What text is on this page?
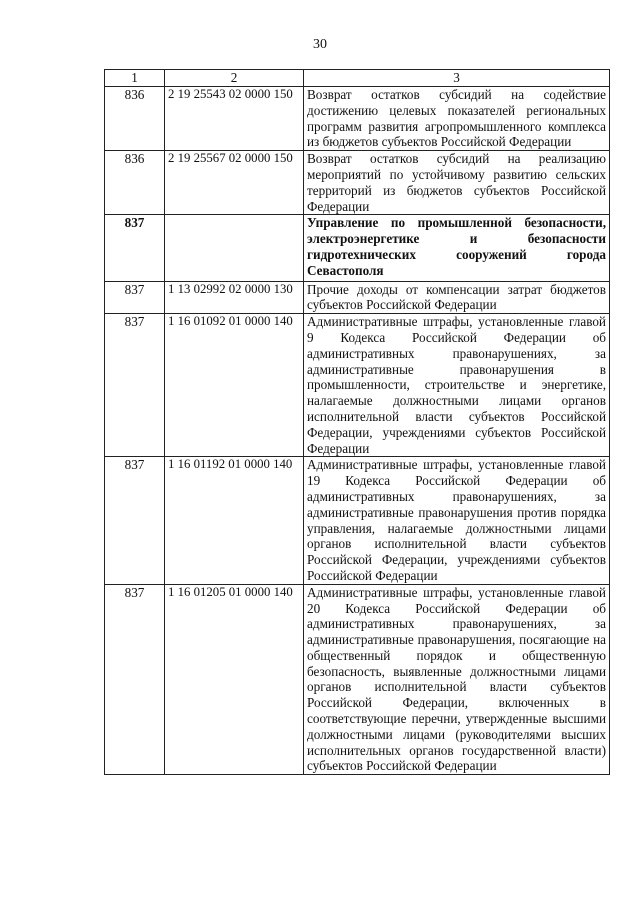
30
1	2	3
836	2 19 25543 02 0000 150	Возврат остатков субсидий на содействие достижению целевых показателей региональных программ развития агропромышленного комплекса из бюджетов субъектов Российской Федерации
836	2 19 25567 02 0000 150	Возврат остатков субсидий на реализацию мероприятий по устойчивому развитию сельских территорий из бюджетов субъектов Российской Федерации
837		Управление по промышленной безопасности, электроэнергетике и безопасности гидротехнических сооружений города Севастополя
837	1 13 02992 02 0000 130	Прочие доходы от компенсации затрат бюджетов субъектов Российской Федерации
837	1 16 01092 01 0000 140	Административные штрафы, установленные главой 9 Кодекса Российской Федерации об административных правонарушениях, за административные правонарушения в промышленности, строительстве и энергетике, налагаемые должностными лицами органов исполнительной власти субъектов Российской Федерации, учреждениями субъектов Российской Федерации
837	1 16 01192 01 0000 140	Административные штрафы, установленные главой 19 Кодекса Российской Федерации об административных правонарушениях, за административные правонарушения против порядка управления, налагаемые должностными лицами органов исполнительной власти субъектов Российской Федерации, учреждениями субъектов Российской Федерации
837	1 16 01205 01 0000 140	Административные штрафы, установленные главой 20 Кодекса Российской Федерации об административных правонарушениях, за административные правонарушения, посягающие на общественный порядок и общественную безопасность, выявленные должностными лицами органов исполнительной власти субъектов Российской Федерации, включенных в соответствующие перечни, утвержденные высшими должностными лицами (руководителями высших исполнительных органов государственной власти) субъектов Российской Федерации
